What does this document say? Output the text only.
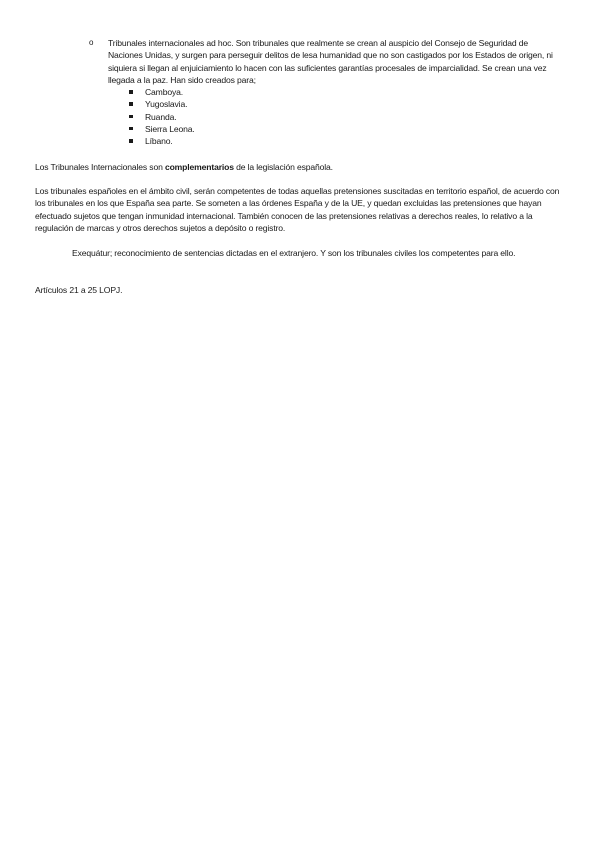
o Tribunales internacionales ad hoc. Son tribunales que realmente se crean al auspicio del Consejo de Seguridad de Naciones Unidas, y surgen para perseguir delitos de lesa humanidad que no son castigados por los Estados de origen, ni siquiera si llegan al enjuiciamiento lo hacen con las suficientes garantías procesales de imparcialidad. Se crean una vez llegada a la paz. Han sido creados para;
Camboya.
Yugoslavia.
Ruanda.
Sierra Leona.
Líbano.

Los Tribunales Internacionales son complementarios de la legislación española.

Los tribunales españoles en el ámbito civil, serán competentes de todas aquellas pretensiones suscitadas en territorio español, de acuerdo con los tribunales en los que España sea parte. Se someten a las órdenes España y de la UE, y quedan excluidas las pretensiones que hayan efectuado sujetos que tengan inmunidad internacional. También conocen de las pretensiones relativas a derechos reales, lo relativo a la regulación de marcas y otros derechos sujetos a depósito o registro.

Exequátur; reconocimiento de sentencias dictadas en el extranjero. Y son los tribunales civiles los competentes para ello.

Artículos 21 a 25 LOPJ.
